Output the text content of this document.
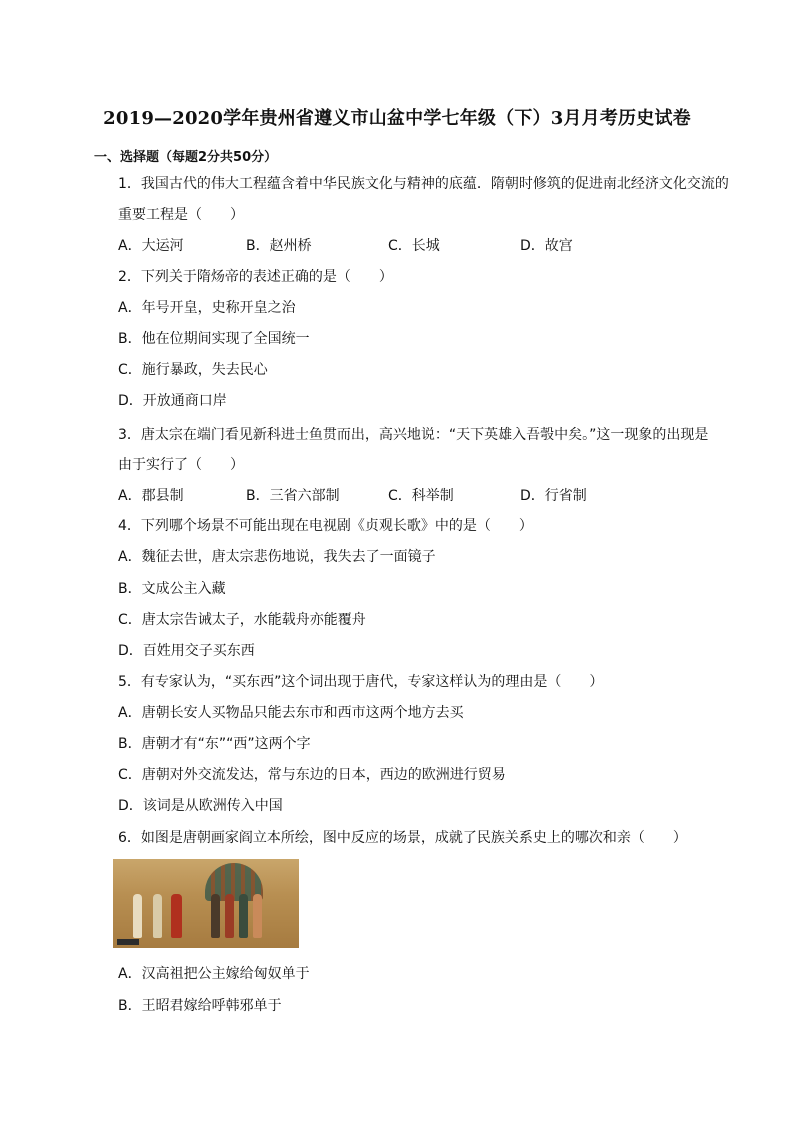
2019—2020学年贵州省遵义市山盆中学七年级（下）3月月考历史试卷
一、选择题（每题2分共50分）
1．我国古代的伟大工程蕴含着中华民族文化与精神的底蕴．隋朝时修筑的促进南北经济文化交流的
重要工程是（　　）
A．大运河	B．赵州桥	C．长城	D．故宫
2．下列关于隋炀帝的表述正确的是（　　）
A．年号开皇，史称开皇之治
B．他在位期间实现了全国统一
C．施行暴政，失去民心
D．开放通商口岸
3．唐太宗在端门看见新科进士鱼贯而出，高兴地说：“天下英雄入吾彀中矣。”这一现象的出现是
由于实行了（　　）
A．郡县制	B．三省六部制	C．科举制	D．行省制
4．下列哪个场景不可能出现在电视剧《贞观长歌》中的是（　　）
A．魏征去世，唐太宗悲伤地说，我失去了一面镜子
B．文成公主入藏
C．唐太宗告诫太子，水能载舟亦能覆舟
D．百姓用交子买东西
5．有专家认为，“买东西”这个词出现于唐代，专家这样认为的理由是（　　）
A．唐朝长安人买物品只能去东市和西市这两个地方去买
B．唐朝才有“东”“西”这两个字
C．唐朝对外交流发达，常与东边的日本，西边的欧洲进行贸易
D．该词是从欧洲传入中国
6．如图是唐朝画家阎立本所绘，图中反应的场景，成就了民族关系史上的哪次和亲（　　）
A．汉高祖把公主嫁给匈奴单于
B．王昭君嫁给呼韩邪单于
